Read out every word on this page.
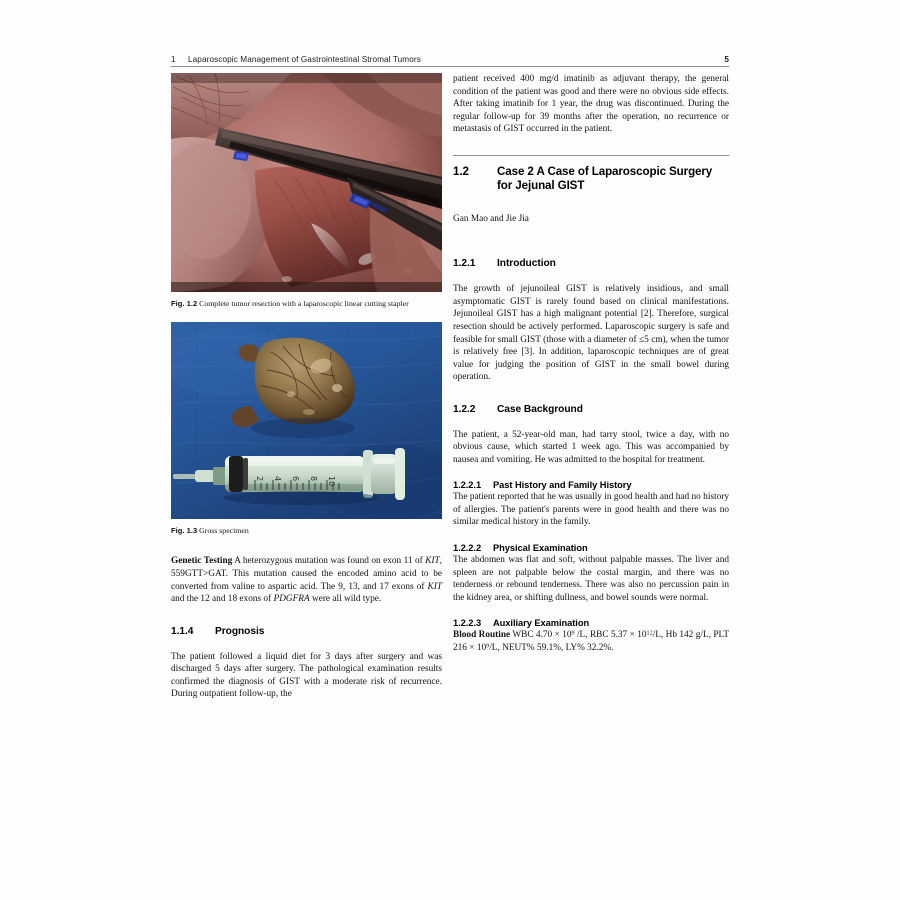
1	Laparoscopic Management of Gastrointestinal Stromal Tumors	5
Fig. 1.2 Complete tumor resection with a laparoscopic linear cutting stapler
2 4 6 8 10
Fig. 1.3 Gross specimen

Genetic Testing A heterozygous mutation was found on exon 11 of KIT, 559GTT>GAT. This mutation caused the encoded amino acid to be converted from valine to aspartic acid. The 9, 13, and 17 exons of KIT and the 12 and 18 exons of PDGFRA were all wild type.

1.1.4	Prognosis

The patient followed a liquid diet for 3 days after surgery and was discharged 5 days after surgery. The pathological examination results confirmed the diagnosis of GIST with a moderate risk of recurrence. During outpatient follow-up, the

patient received 400 mg/d imatinib as adjuvant therapy, the general condition of the patient was good and there were no obvious side effects. After taking imatinib for 1 year, the drug was discontinued. During the regular follow-up for 39 months after the operation, no recurrence or metastasis of GIST occurred in the patient.

1.2	Case 2 A Case of Laparoscopic Surgery for Jejunal GIST
Gan Mao and Jie Jia
1.2.1	Introduction

The growth of jejunoileal GIST is relatively insidious, and small asymptomatic GIST is rarely found based on clinical manifestations. Jejunoileal GIST has a high malignant potential [2]. Therefore, surgical resection should be actively performed. Laparoscopic surgery is safe and feasible for small GIST (those with a diameter of ≤5 cm), when the tumor is relatively free [3]. In addition, laparoscopic techniques are of great value for judging the position of GIST in the small bowel during operation.

1.2.2	Case Background

The patient, a 52-year-old man, had tarry stool, twice a day, with no obvious cause, which started 1 week ago. This was accompanied by nausea and vomiting. He was admitted to the hospital for treatment.

1.2.2.1	Past History and Family History

The patient reported that he was usually in good health and had no history of allergies. The patient's parents were in good health and there was no similar medical history in the family.

1.2.2.2	Physical Examination

The abdomen was flat and soft, without palpable masses. The liver and spleen are not palpable below the costal margin, and there was no tenderness or rebound tenderness. There was also no percussion pain in the kidney area, or shifting dullness, and bowel sounds were normal.

1.2.2.3	Auxiliary Examination

Blood Routine WBC $4.70 \times 10^9$ /L, RBC $5.37 \times 10^{12}/L$, Hb 142 g/L, PLT $216 \times 10^9/L$, NEUT% 59.1%, LY% 32.2%.
